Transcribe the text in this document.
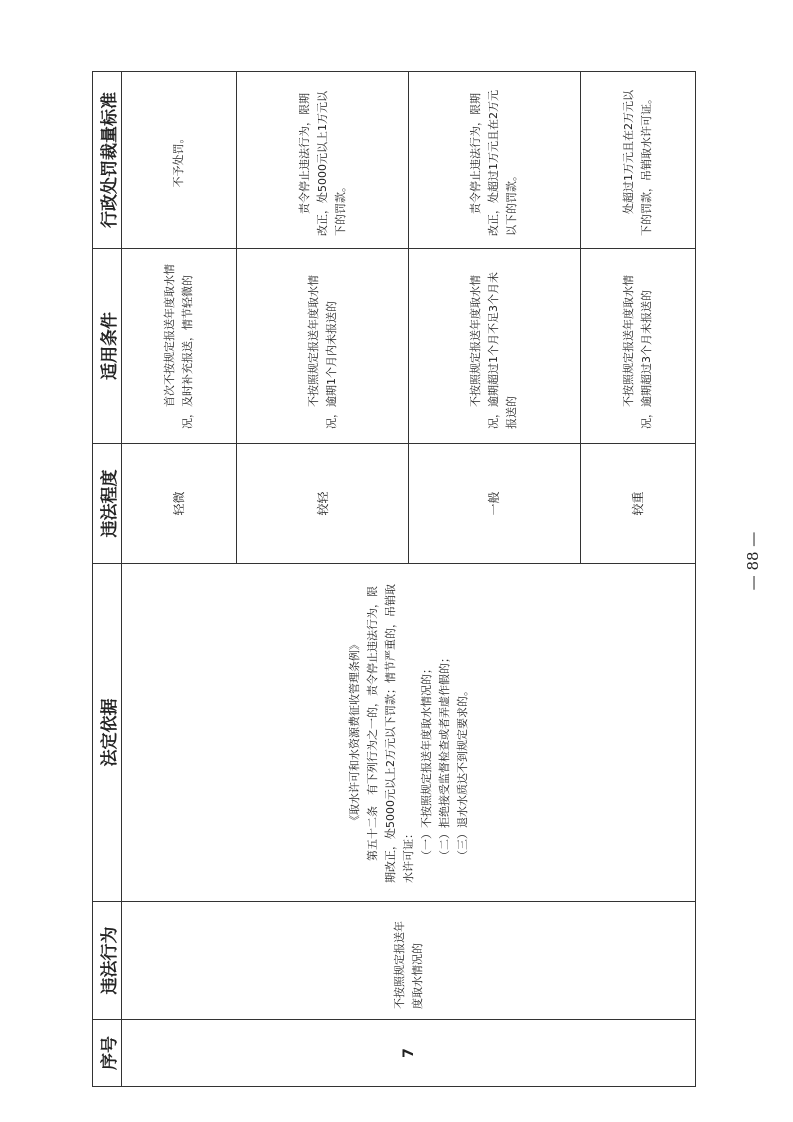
序号	违法行为	法定依据	违法程度	适用条件	行政处罚裁量标准
7	不按照规定报送年度取水情况的	《取水许可和水资源费征收管理条例》 第五十二条　有下列行为之一的，责令停止违法行为，限期改正，处5000元以上2万元以下罚款；情节严重的，吊销取水许可证： （一）不按照规定报送年度取水情况的； （二）拒绝接受监督检查或者弄虚作假的； （三）退水水质达不到规定要求的。	轻微	首次不按规定报送年度取水情况，及时补充报送，情节轻微的	不予处罚。
			较轻	不按照规定报送年度取水情况，逾期1个月内未报送的	责令停止违法行为，限期改正，处5000元以上1万元以下的罚款。
			一般	不按照规定报送年度取水情况，逾期超过1个月不足3个月未报送的	责令停止违法行为，限期改正，处超过1万元且在2万元以下的罚款。
			较重	不按照规定报送年度取水情况，逾期超过3个月未报送的	处超过1万元且在2万元以下的罚款，吊销取水许可证。
— 88 —
